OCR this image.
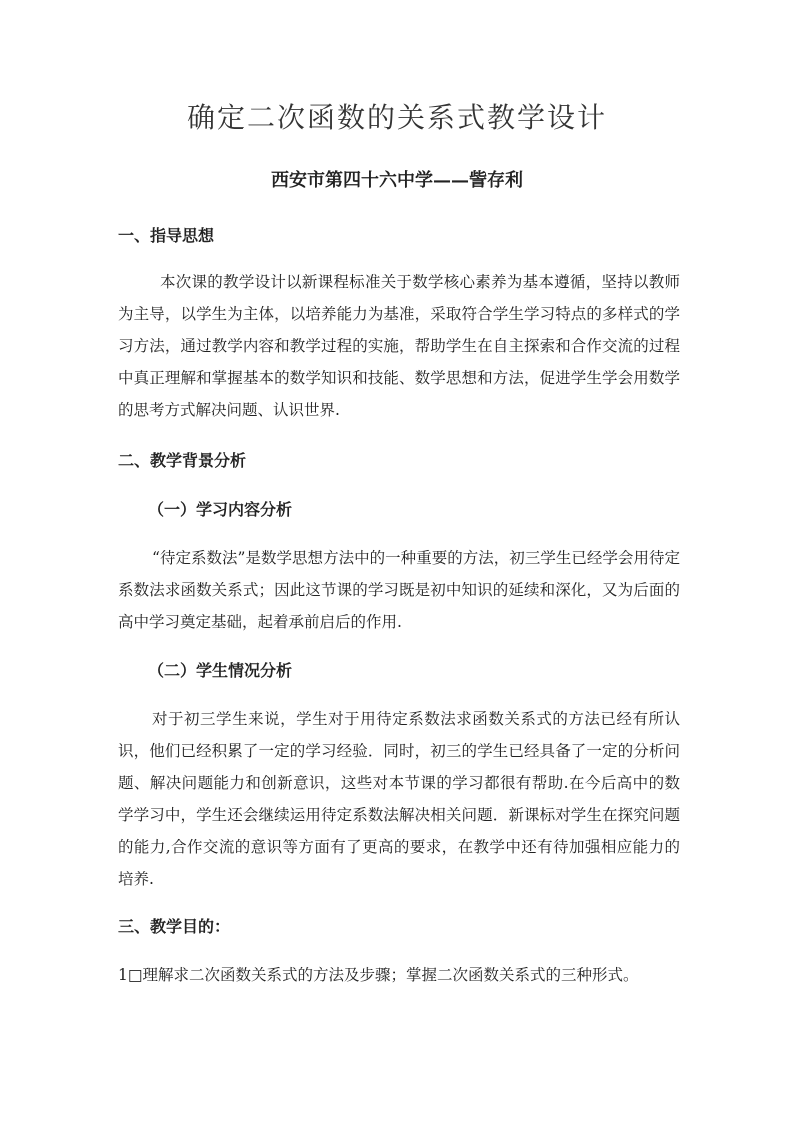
确定二次函数的关系式教学设计

西安市第四十六中学——訾存利

一、指导思想

本次课的教学设计以新课程标准关于数学核心素养为基本遵循，坚持以教师为主导，以学生为主体，以培养能力为基准，采取符合学生学习特点的多样式的学习方法，通过教学内容和教学过程的实施，帮助学生在自主探索和合作交流的过程中真正理解和掌握基本的数学知识和技能、数学思想和方法，促进学生学会用数学的思考方式解决问题、认识世界.

二、教学背景分析

（一）学习内容分析

“待定系数法”是数学思想方法中的一种重要的方法，初三学生已经学会用待定系数法求函数关系式；因此这节课的学习既是初中知识的延续和深化，又为后面的高中学习奠定基础，起着承前启后的作用.

（二）学生情况分析

对于初三学生来说，学生对于用待定系数法求函数关系式的方法已经有所认识，他们已经积累了一定的学习经验．同时，初三的学生已经具备了一定的分析问题、解决问题能力和创新意识，这些对本节课的学习都很有帮助.在今后高中的数学学习中，学生还会继续运用待定系数法解决相关问题．新课标对学生在探究问题的能力,合作交流的意识等方面有了更高的要求，在教学中还有待加强相应能力的培养.

三、教学目的：

1□理解求二次函数关系式的方法及步骤；掌握二次函数关系式的三种形式。
